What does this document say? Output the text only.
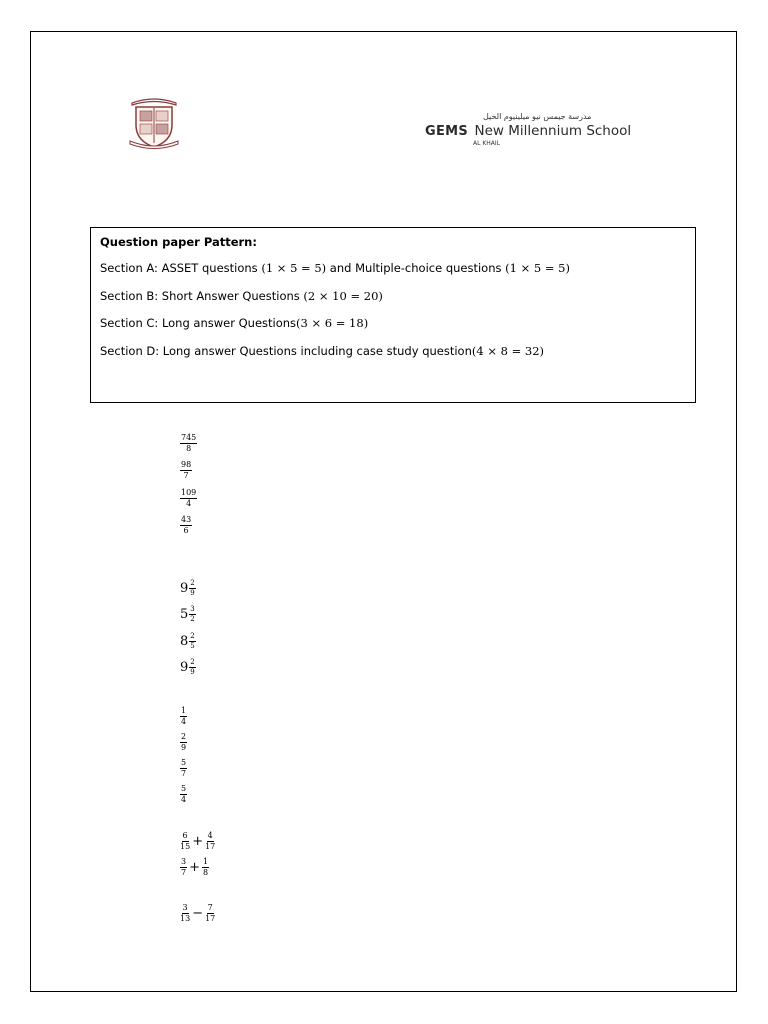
مدرسة جيمس نيو ميلينيوم الخيل
GEMS New Millennium School
AL KHAIL

Question paper Pattern:

Section A: ASSET questions (1 × 5 = 5) and Multiple-choice questions (1 × 5 = 5)

Section B: Short Answer Questions (2 × 10 = 20)

Section C: Long answer Questions(3 × 6 = 18)

Section D: Long answer Questions including case study question(4 × 8 = 32)

$\frac{745}{8}$
$\frac{98}{7}$
$\frac{109}{4}$
$\frac{43}{6}$
$9 \frac{2}{9}$
$5 \frac{3}{2}$
$8 \frac{2}{5}$
$9 \frac{2}{9}$
$\frac{1}{4}$
$\frac{2}{9}$
$\frac{5}{7}$
$\frac{5}{4}$
$\frac{6}{15} + \frac{4}{17}$
$\frac{3}{7} + \frac{1}{8}$
$\frac{3}{13} - \frac{7}{17}$
